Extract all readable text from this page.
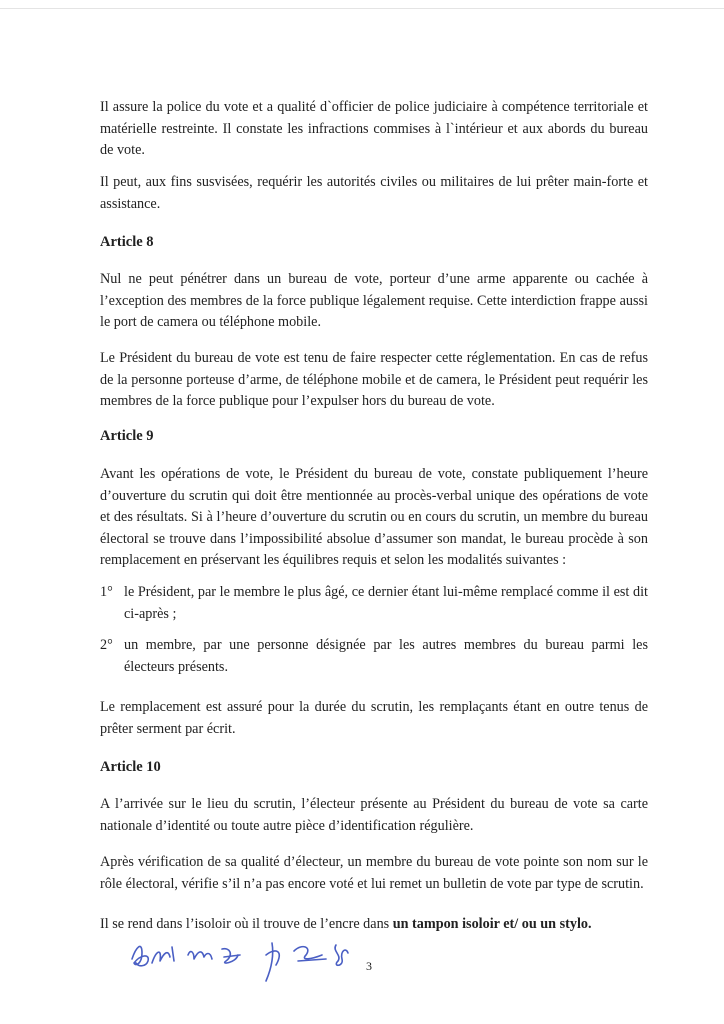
Il assure la police du vote et a qualité d`officier de police judiciaire à compétence territoriale et matérielle restreinte. Il constate les infractions commises à l`intérieur et aux abords du bureau de vote.

Il peut, aux fins susvisées, requérir les autorités civiles ou militaires de lui prêter main-forte et assistance.

Article 8

Nul ne peut pénétrer dans un bureau de vote, porteur d’une arme apparente ou cachée à l’exception des membres de la force publique légalement requise. Cette interdiction frappe aussi le port de camera ou téléphone mobile.

Le Président du bureau de vote est tenu de faire respecter cette réglementation. En cas de refus de la personne porteuse d’arme, de téléphone mobile et de camera, le Président peut requérir les membres de la force publique pour l’expulser hors du bureau de vote.

Article 9

Avant les opérations de vote, le Président du bureau de vote, constate publiquement l’heure d’ouverture du scrutin qui doit être mentionnée au procès-verbal unique des opérations de vote et des résultats. Si à l’heure d’ouverture du scrutin ou en cours du scrutin, un membre du bureau électoral se trouve dans l’impossibilité absolue d’assumer son mandat, le bureau procède à son remplacement en préservant les équilibres requis et selon les modalités suivantes :

1° le Président, par le membre le plus âgé, ce dernier étant lui-même remplacé comme il est dit ci-après ;
2° un membre, par une personne désignée par les autres membres du bureau parmi les électeurs présents.

Le remplacement est assuré pour la durée du scrutin, les remplaçants étant en outre tenus de prêter serment par écrit.

Article 10

A l’arrivée sur le lieu du scrutin, l’électeur présente au Président du bureau de vote sa carte nationale d’identité ou toute autre pièce d’identification régulière.

Après vérification de sa qualité d’électeur, un membre du bureau de vote pointe son nom sur le rôle électoral, vérifie s’il n’a pas encore voté et lui remet un bulletin de vote par type de scrutin.

Il se rend dans l’isoloir où il trouve de l’encre dans un tampon isoloir et/ ou un stylo.

3
